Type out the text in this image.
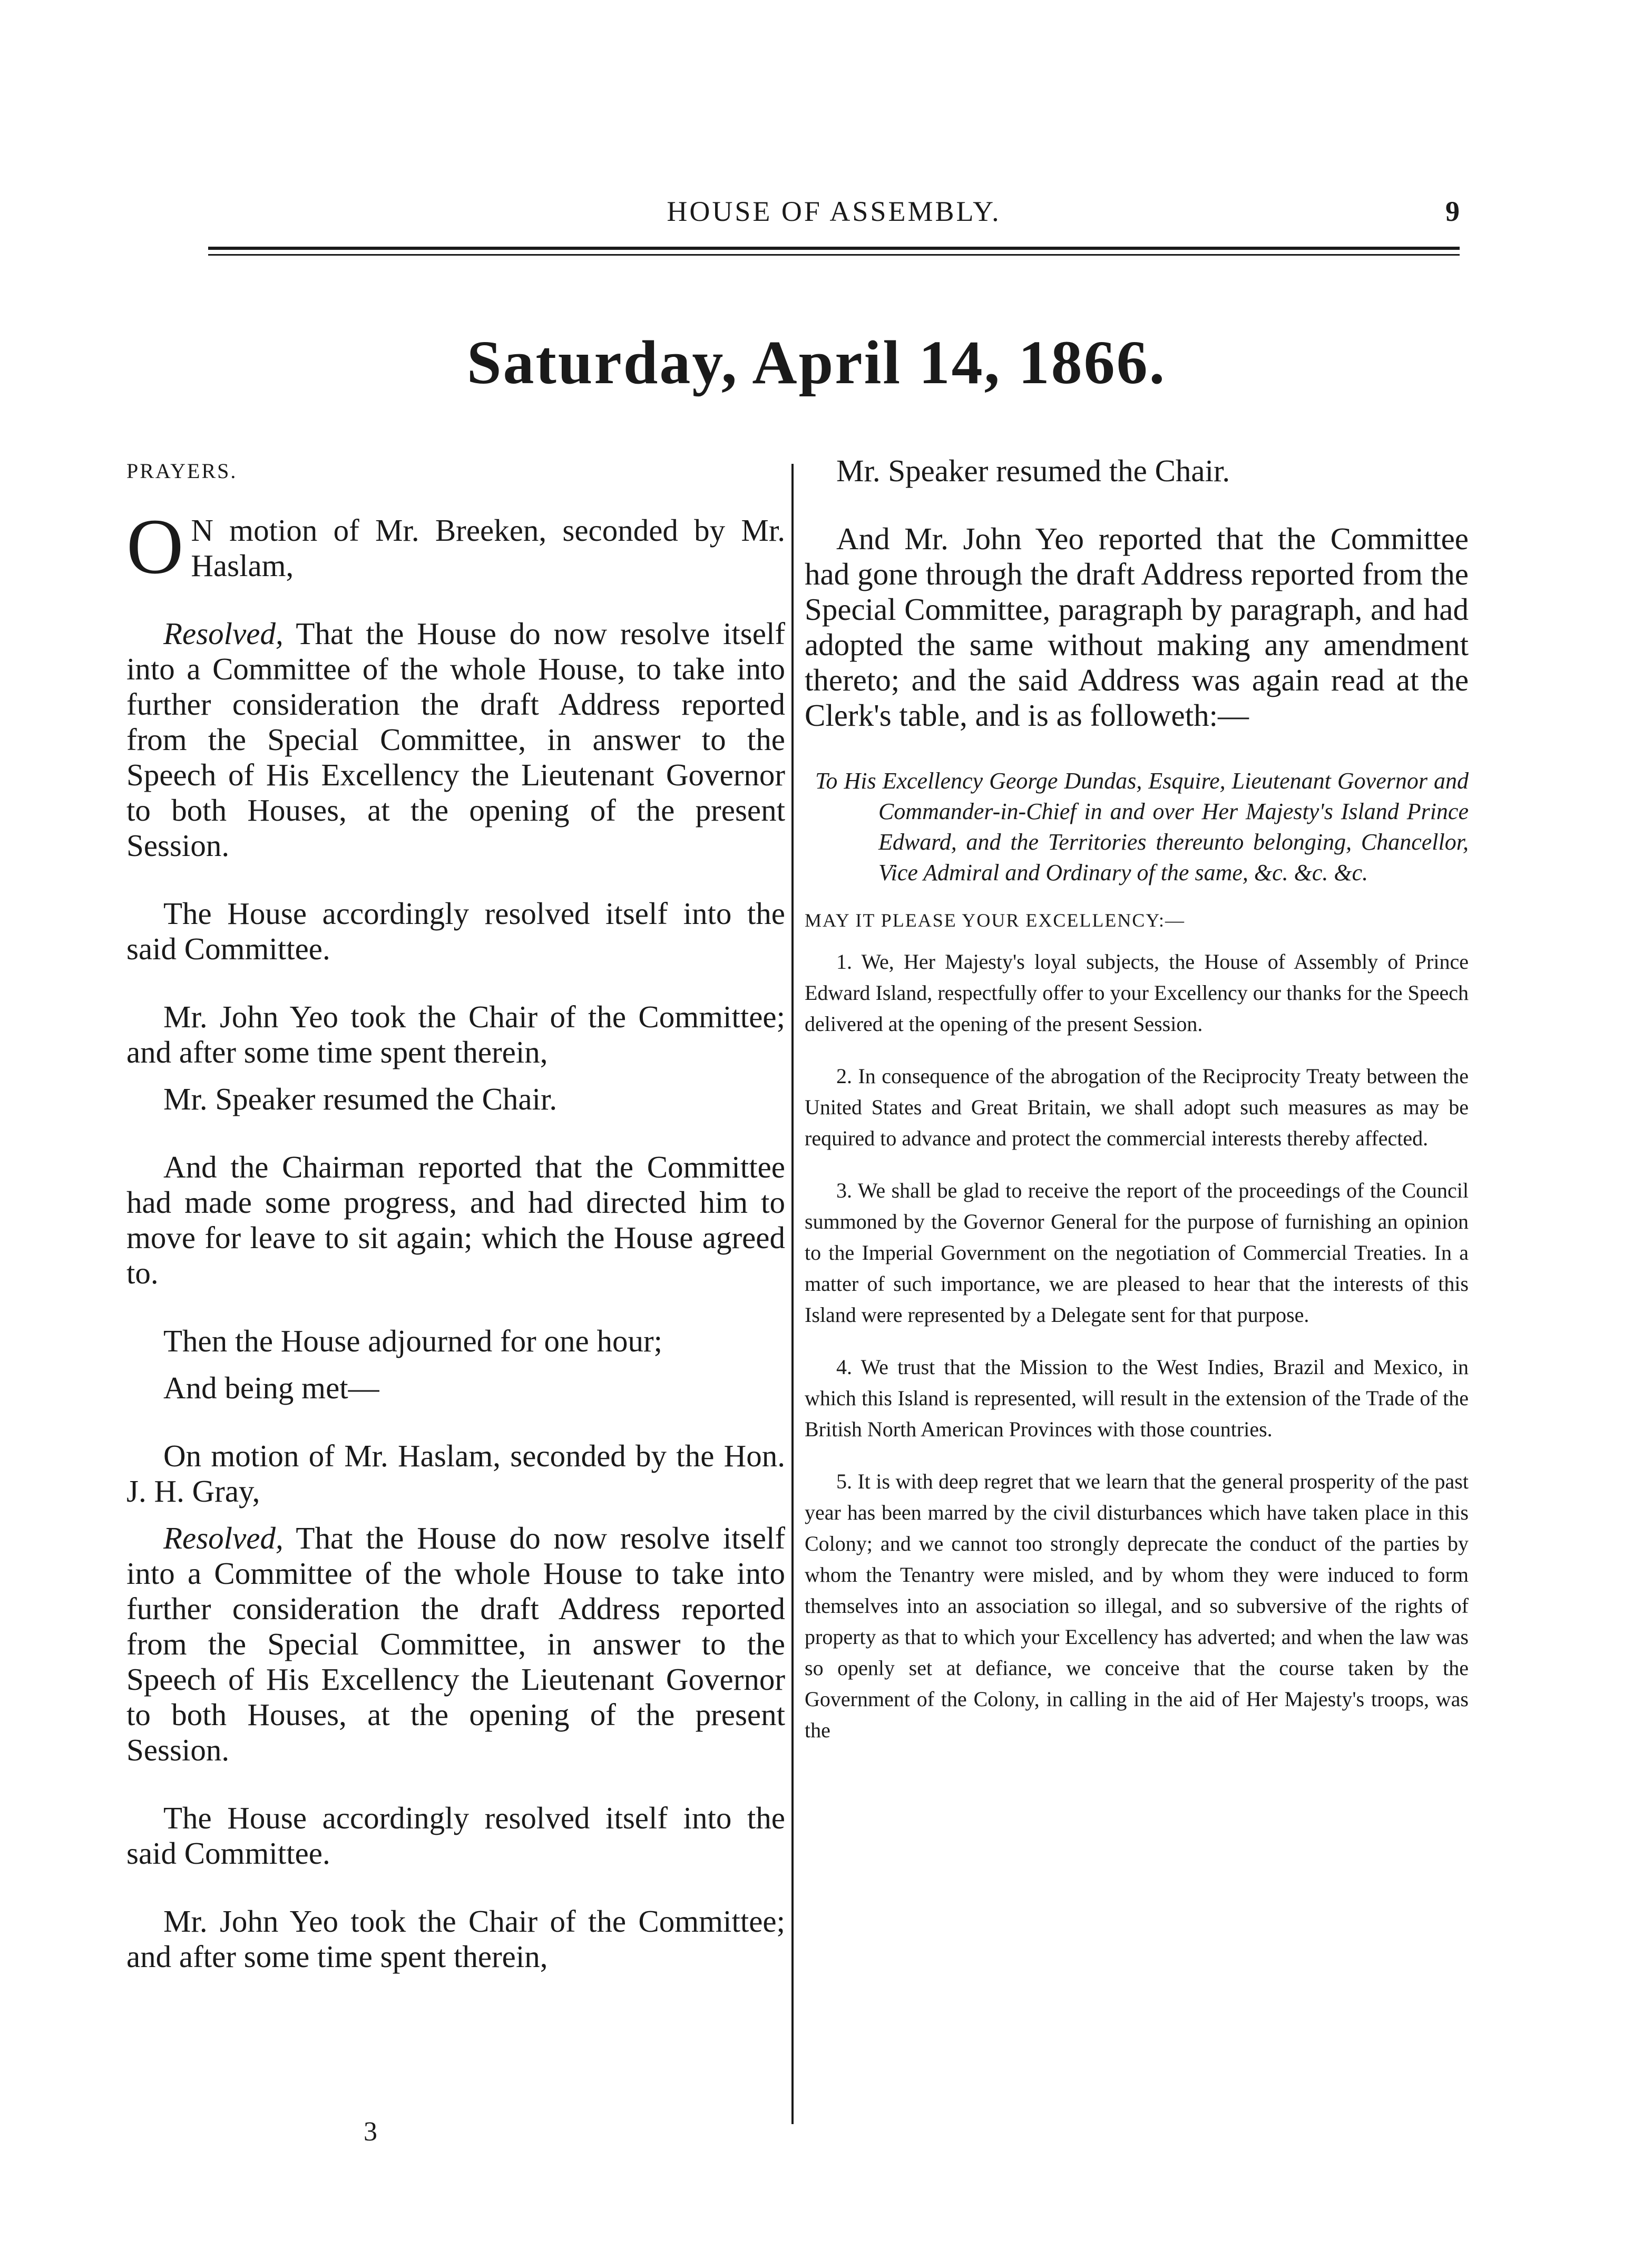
HOUSE OF ASSEMBLY.	9
Saturday, April 14, 1866.
PRAYERS.

O N motion of Mr. Breeken, seconded by Mr. Haslam,

Resolved, That the House do now resolve itself into a Committee of the whole House, to take into further consideration the draft Address reported from the Special Committee, in answer to the Speech of His Excellency the Lieutenant Governor to both Houses, at the opening of the present Session.

The House accordingly resolved itself into the said Committee.

Mr. John Yeo took the Chair of the Committee; and after some time spent therein,

Mr. Speaker resumed the Chair.

And the Chairman reported that the Committee had made some progress, and had directed him to move for leave to sit again; which the House agreed to.

Then the House adjourned for one hour;

And being met—

On motion of Mr. Haslam, seconded by the Hon. J. H. Gray,

Resolved, That the House do now resolve itself into a Committee of the whole House to take into further consideration the draft Address reported from the Special Committee, in answer to the Speech of His Excellency the Lieutenant Governor to both Houses, at the opening of the present Session.

The House accordingly resolved itself into the said Committee.

Mr. John Yeo took the Chair of the Committee; and after some time spent therein,

Mr. Speaker resumed the Chair.

And Mr. John Yeo reported that the Committee had gone through the draft Address reported from the Special Committee, paragraph by paragraph, and had adopted the same without making any amendment thereto; and the said Address was again read at the Clerk's table, and is as followeth:—

To His Excellency George Dundas, Esquire, Lieutenant Governor and Commander-in-Chief in and over Her Majesty's Island Prince Edward, and the Territories thereunto belonging, Chancellor, Vice Admiral and Ordinary of the same, &c. &c. &c.

MAY IT PLEASE YOUR EXCELLENCY:—

1. We, Her Majesty's loyal subjects, the House of Assembly of Prince Edward Island, respectfully offer to your Excellency our thanks for the Speech delivered at the opening of the present Session.

2. In consequence of the abrogation of the Reciprocity Treaty between the United States and Great Britain, we shall adopt such measures as may be required to advance and protect the commercial interests thereby affected.

3. We shall be glad to receive the report of the proceedings of the Council summoned by the Governor General for the purpose of furnishing an opinion to the Imperial Government on the negotiation of Commercial Treaties. In a matter of such importance, we are pleased to hear that the interests of this Island were represented by a Delegate sent for that purpose.

4. We trust that the Mission to the West Indies, Brazil and Mexico, in which this Island is represented, will result in the extension of the Trade of the British North American Provinces with those countries.

5. It is with deep regret that we learn that the general prosperity of the past year has been marred by the civil disturbances which have taken place in this Colony; and we cannot too strongly deprecate the conduct of the parties by whom the Tenantry were misled, and by whom they were induced to form themselves into an association so illegal, and so subversive of the rights of property as that to which your Excellency has adverted; and when the law was so openly set at defiance, we conceive that the course taken by the Government of the Colony, in calling in the aid of Her Majesty's troops, was the

3
